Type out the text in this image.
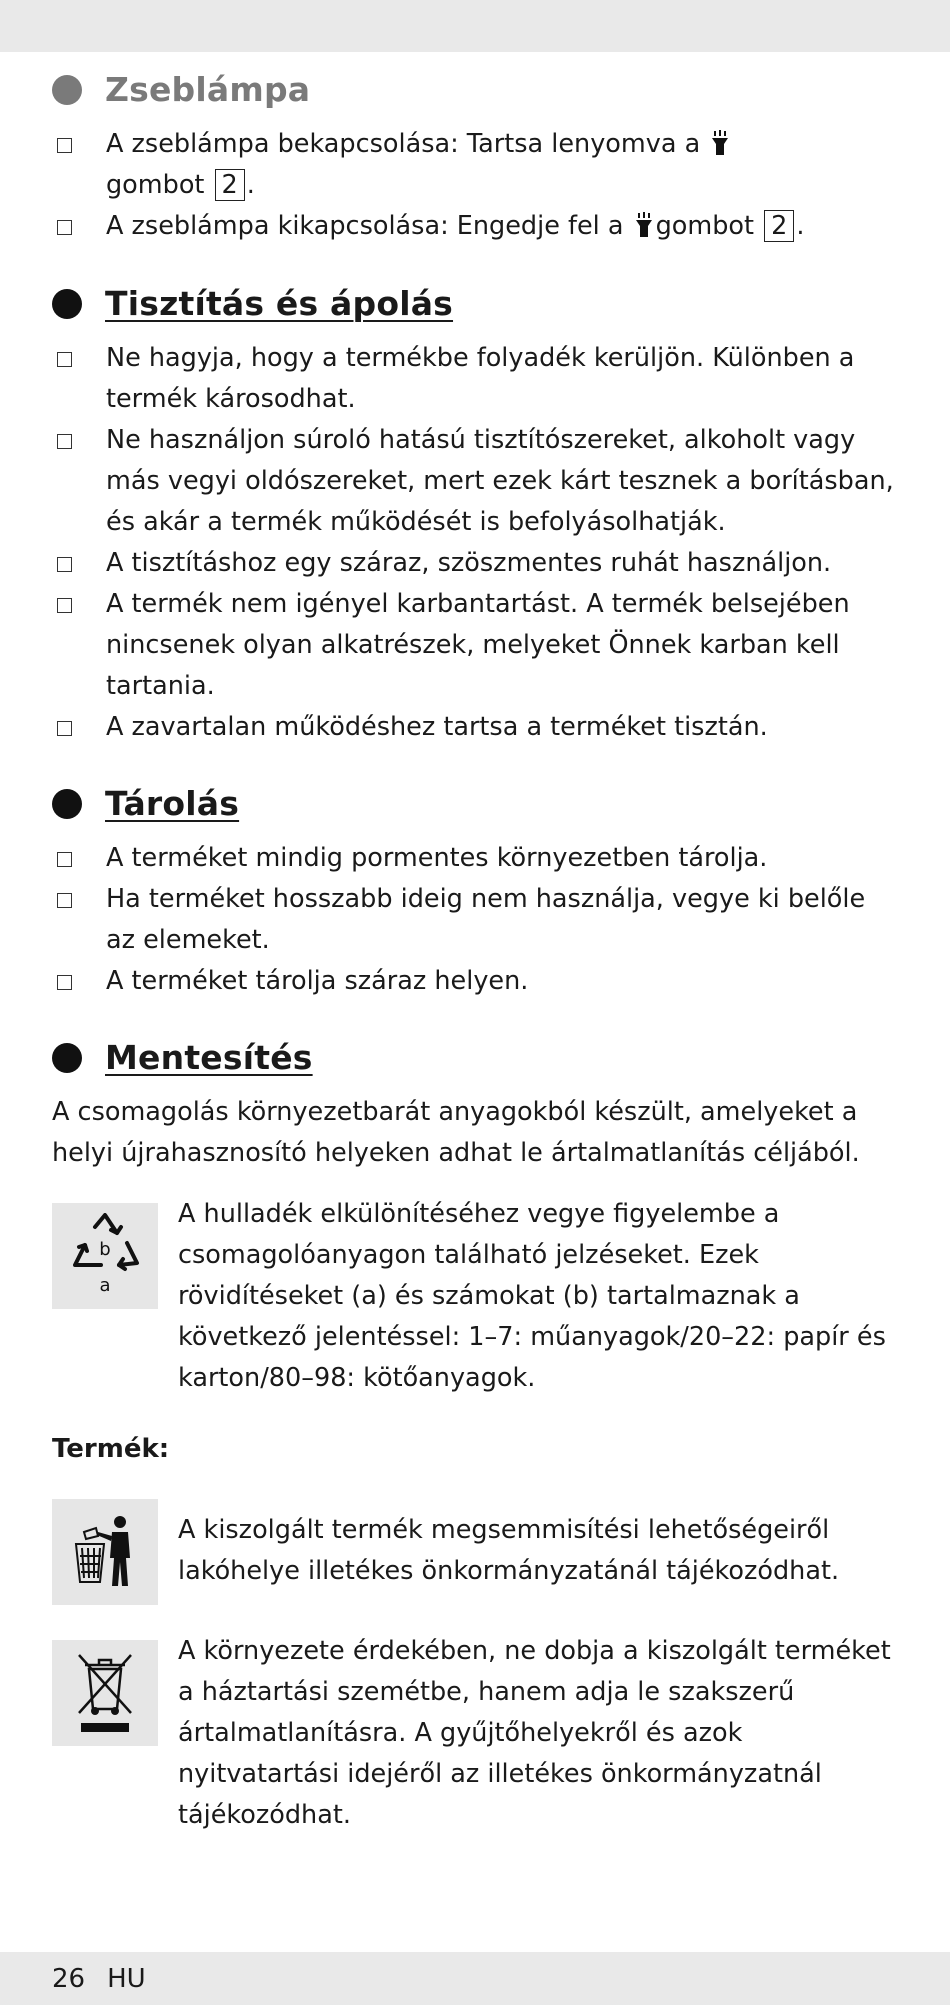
Zseblámpa
A zseblámpa bekapcsolása: Tartsa lenyomva a
gombot 2 .
A zseblámpa kikapcsolása: Engedje fel a gombot 2 .
Tisztítás és ápolás
Ne hagyja, hogy a termékbe folyadék kerüljön. Különben a termék károsodhat.
Ne használjon súroló hatású tisztítószereket, alkoholt vagy más vegyi oldószereket, mert ezek kárt tesznek a borításban, és akár a termék működését is befolyásolhatják.
A tisztításhoz egy száraz, szöszmentes ruhát használjon.
A termék nem igényel karbantartást. A termék belsejében nincsenek olyan alkatrészek, melyeket Önnek karban kell tartania.
A zavartalan működéshez tartsa a terméket tisztán.
Tárolás
A terméket mindig pormentes környezetben tárolja.
Ha terméket hosszabb ideig nem használja, vegye ki belőle az elemeket.
A terméket tárolja száraz helyen.
Mentesítés
A csomagolás környezetbarát anyagokból készült, amelyeket a helyi újrahasznosító helyeken adhat le ártalmatlanítás céljából.
b
a
A hulladék elkülönítéséhez vegye figyelembe a csomagolóanyagon található jelzéseket. Ezek rövidítéseket (a) és számokat (b) tartalmaznak a következő jelentéssel: 1–7: műanyagok/20–22: papír és karton/80–98: kötőanyagok.
Termék:
A kiszolgált termék megsemmisítési lehetőségeiről lakóhelye illetékes önkormányzatánál tájékozódhat.
A környezete érdekében, ne dobja a kiszolgált terméket a háztartási szemétbe, hanem adja le szakszerű ártalmatlanításra. A gyűjtőhelyekről és azok nyitvatartási idejéről az illetékes önkormányzatnál tájékozódhat.
26 HU
